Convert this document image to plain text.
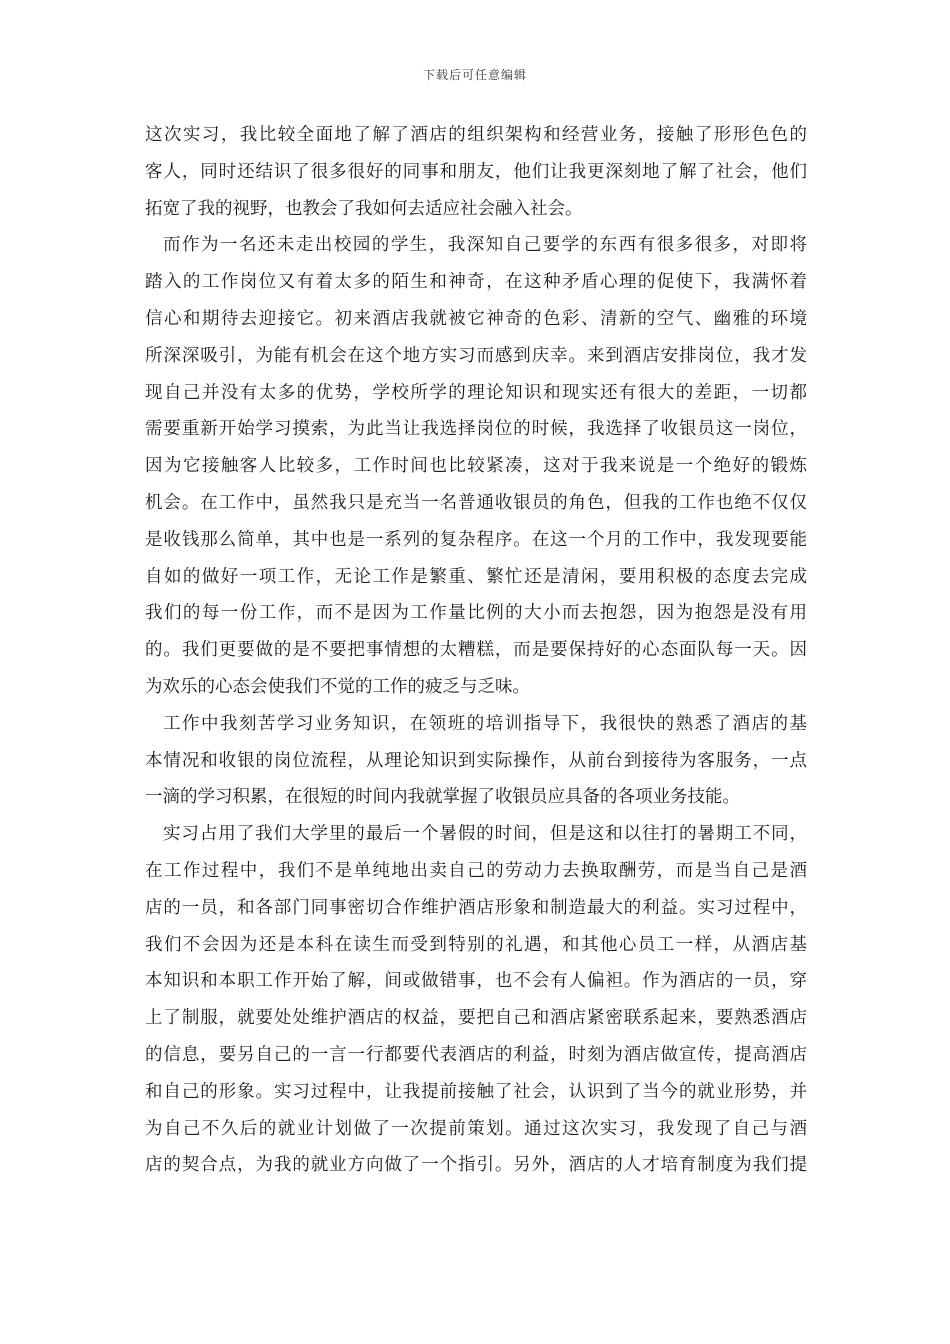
下载后可任意编辑
这次实习，我比较全面地了解了酒店的组织架构和经营业务，接触了形形色色的
客人，同时还结识了很多很好的同事和朋友，他们让我更深刻地了解了社会，他们
拓宽了我的视野，也教会了我如何去适应社会融入社会。
而作为一名还未走出校园的学生，我深知自己要学的东西有很多很多，对即将
踏入的工作岗位又有着太多的陌生和神奇，在这种矛盾心理的促使下，我满怀着
信心和期待去迎接它。初来酒店我就被它神奇的色彩、清新的空气、幽雅的环境
所深深吸引，为能有机会在这个地方实习而感到庆幸。来到酒店安排岗位，我才发
现自己并没有太多的优势，学校所学的理论知识和现实还有很大的差距，一切都
需要重新开始学习摸索，为此当让我选择岗位的时候，我选择了收银员这一岗位，
因为它接触客人比较多，工作时间也比较紧凑，这对于我来说是一个绝好的锻炼
机会。在工作中，虽然我只是充当一名普通收银员的角色，但我的工作也绝不仅仅
是收钱那么简单，其中也是一系列的复杂程序。在这一个月的工作中，我发现要能
自如的做好一项工作，无论工作是繁重、繁忙还是清闲，要用积极的态度去完成
我们的每一份工作，而不是因为工作量比例的大小而去抱怨，因为抱怨是没有用
的。我们更要做的是不要把事情想的太糟糕，而是要保持好的心态面队每一天。因
为欢乐的心态会使我们不觉的工作的疲乏与乏味。
工作中我刻苦学习业务知识，在领班的培训指导下，我很快的熟悉了酒店的基
本情况和收银的岗位流程，从理论知识到实际操作，从前台到接待为客服务，一点
一滴的学习积累，在很短的时间内我就掌握了收银员应具备的各项业务技能。
实习占用了我们大学里的最后一个暑假的时间，但是这和以往打的暑期工不同，
在工作过程中，我们不是单纯地出卖自己的劳动力去换取酬劳，而是当自己是酒
店的一员，和各部门同事密切合作维护酒店形象和制造最大的利益。实习过程中，
我们不会因为还是本科在读生而受到特别的礼遇，和其他心员工一样，从酒店基
本知识和本职工作开始了解，间或做错事，也不会有人偏袒。作为酒店的一员，穿
上了制服，就要处处维护酒店的权益，要把自己和酒店紧密联系起来，要熟悉酒店
的信息，要另自己的一言一行都要代表酒店的利益，时刻为酒店做宣传，提高酒店
和自己的形象。实习过程中，让我提前接触了社会，认识到了当今的就业形势，并
为自己不久后的就业计划做了一次提前策划。通过这次实习，我发现了自己与酒
店的契合点，为我的就业方向做了一个指引。另外，酒店的人才培育制度为我们提
